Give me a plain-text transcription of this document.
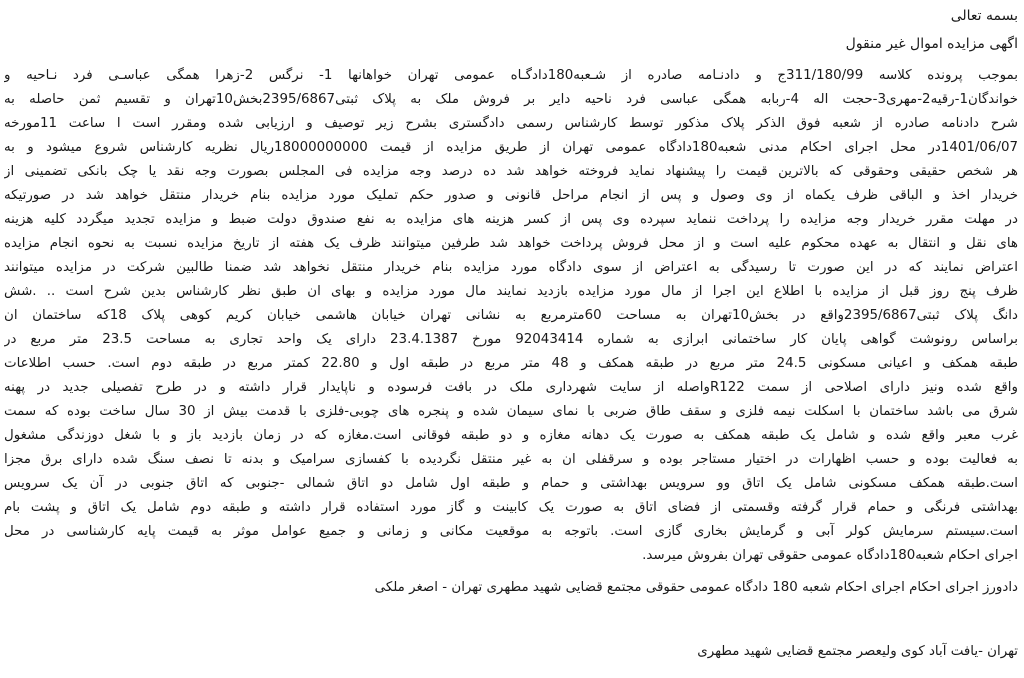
بسمه تعالی
اگهی مزایده اموال غیر منقول
بموجب پرونده کلاسه 311/180/99ج و دادنـامه صادره از شـعبه180دادگـاه عمومی تهران خواهانها 1- نرگس 2-زهرا همگی عباسـی فرد نـاحیه و
خواندگان1-رقیه2-مهری3-حجت اله 4-ربابه همگی عباسی فرد ناحیه دایر بر فروش ملک به پلاک ثبتی2395/6867بخش10تهران و تقسیم ثمن حاصله به
شرح دادنامه صادره از شعبه فوق الذکر پلاک مذکور توسط کارشناس رسمی دادگستری بشرح زیر توصیف و ارزیابی شده ومقرر است ا ساعت 11مورخه
1401/06/07در محل اجرای احکام مدنی شعبه180دادگاه عمومی تهران از طریق مزایده از قیمت 18000000000ریال نظریه کارشناس شروع میشود و به
هر شخص حقیقی وحقوقی که بالاترین قیمت را پیشنهاد نماید فروخته خواهد شد ده درصد وجه مزایده فی المجلس بصورت وجه نقد یا چک بانکی تضمینی از
خریدار اخذ و الباقی ظرف یکماه از وی وصول و پس از انجام مراحل قانونی و صدور حکم تملیک مورد مزایده بنام خریدار منتقل خواهد شد در صورتیکه
در مهلت مقرر خریدار وجه مزایده را پرداخت ننماید سپرده وی پس از کسر هزینه های مزایده به نفع صندوق دولت ضبط و مزایده تجدید میگردد کلیه هزینه
های نقل و انتقال به عهده محکوم علیه است و از محل فروش پرداخت خواهد شد طرفین میتوانند ظرف یک هفته از تاریخ مزایده نسبت به نحوه انجام مزایده
اعتراض نمایند که در این صورت تا رسیدگی به اعتراض از سوی دادگاه مورد مزایده بنام خریدار منتقل نخواهد شد ضمنا طالبین شرکت در مزایده میتوانند
ظرف پنج روز قبل از مزایده با اطلاع این اجرا از مال مورد مزایده بازدید نمایند مال مورد مزایده و بهای ان طبق نظر کارشناس بدین شرح است .. .شش
دانگ پلاک ثبتی2395/6867واقع در بخش10تهران به مساحت 60مترمربع به نشانی تهران خیابان هاشمی خیابان کریم کوهی پلاک 18که ساختمان ان
براساس رونوشت گواهی پایان کار ساختمانی ابرازی به شماره 92043414 مورخ 23.4.1387 دارای یک واحد تجاری به مساحت 23.5 متر مربع در
طبقه همکف و اعیانی مسکونی 24.5 متر مربع در طبقه همکف و 48 متر مربع در طبقه اول و 22.80 کمتر مربع در طبقه دوم است. حسب اطلاعات
واقع شده ونیز دارای اصلاحی از سمت R122واصله از سایت شهرداری ملک در بافت فرسوده و ناپایدار قرار داشته و در طرح تفصیلی جدید در پهنه
شرق می باشد ساختمان با اسکلت نیمه فلزی و سقف طاق ضربی با نمای سیمان شده و پنجره های چوبی-فلزی با قدمت بیش از 30 سال ساخت بوده که سمت
غرب معبر واقع شده و شامل یک طبقه همکف به صورت یک دهانه مغازه و دو طبقه فوقانی است.مغازه که در زمان بازدید باز و با شغل دوزندگی مشغول
به فعالیت بوده و حسب اظهارات در اختیار مستاجر بوده و سرقفلی ان به غیر منتقل نگردیده با کفسازی سرامیک و بدنه تا نصف سنگ شده دارای برق مجزا
است.طبقه همکف مسکونی شامل یک اتاق وو سرویس بهداشتی و حمام و طبقه اول شامل دو اتاق شمالی -جنوبی که اتاق جنوبی در آن یک سرویس
بهداشتی فرنگی و حمام قرار گرفته وقسمتی از فضای اتاق به صورت یک کابینت و گاز مورد استفاده قرار داشته و طبقه دوم شامل یک اتاق و پشت بام
است.سیستم سرمایش کولر آبی و گرمایش بخاری گازی است. باتوجه به موقعیت مکانی و زمانی و جمیع عوامل موثر به قیمت پایه کارشناسی در محل
اجرای احکام شعبه180دادگاه عمومی حقوقی تهران بفروش میرسد.
دادورز اجرای احکام اجرای احکام شعبه 180 دادگاه عمومی حقوقی مجتمع قضایی شهید مطهری تهران - اصغر ملکی
تهران -یافت آباد کوی ولیعصر مجتمع قضایی شهید مطهری
